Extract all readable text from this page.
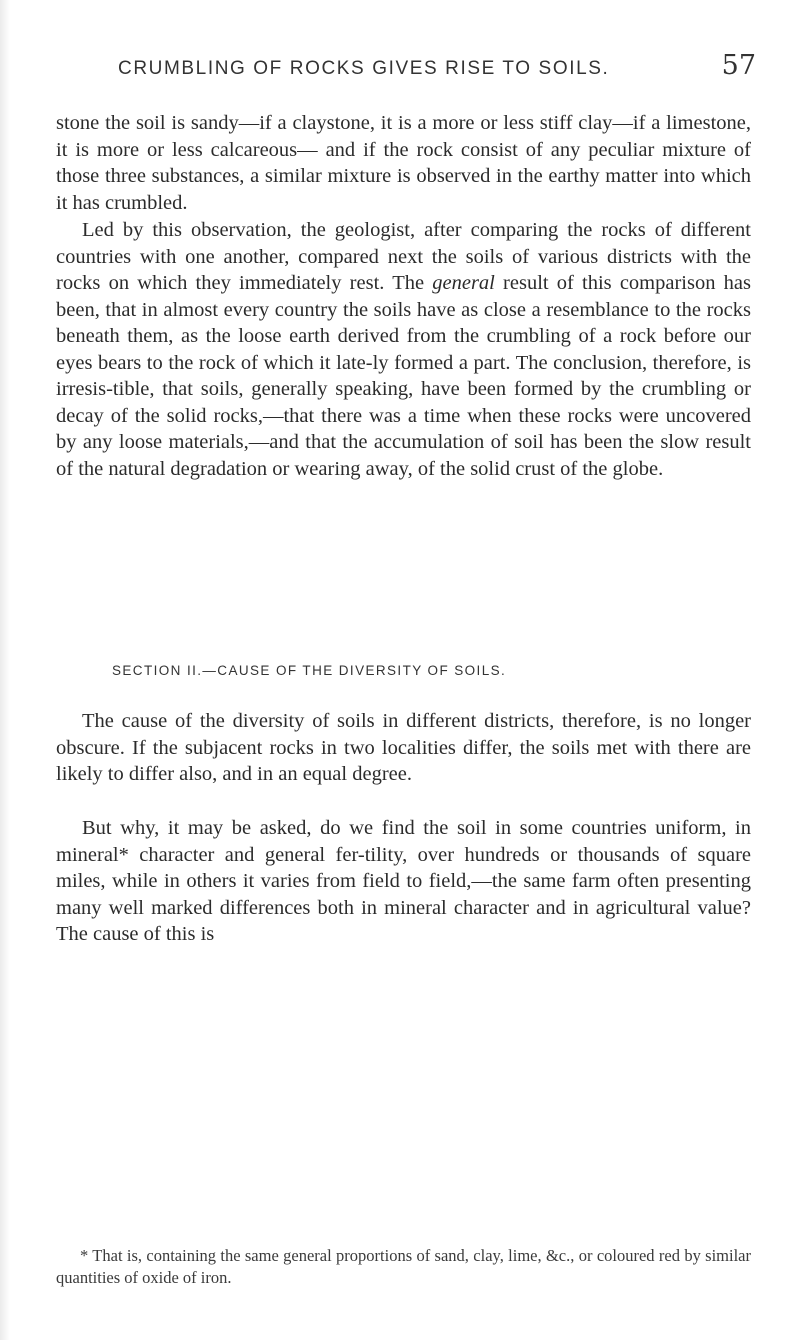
CRUMBLING OF ROCKS GIVES RISE TO SOILS.	57

stone the soil is sandy—if a claystone, it is a more or less stiff clay—if a limestone, it is more or less calcareous— and if the rock consist of any peculiar mixture of those three substances, a similar mixture is observed in the earthy matter into which it has crumbled.

Led by this observation, the geologist, after comparing the rocks of different countries with one another, compared next the soils of various districts with the rocks on which they immediately rest. The general result of this comparison has been, that in almost every country the soils have as close a resemblance to the rocks beneath them, as the loose earth derived from the crumbling of a rock before our eyes bears to the rock of which it late-ly formed a part. The conclusion, therefore, is irresis-tible, that soils, generally speaking, have been formed by the crumbling or decay of the solid rocks,—that there was a time when these rocks were uncovered by any loose materials,—and that the accumulation of soil has been the slow result of the natural degradation or wearing away, of the solid crust of the globe.

SECTION II.—CAUSE OF THE DIVERSITY OF SOILS.

The cause of the diversity of soils in different districts, therefore, is no longer obscure. If the subjacent rocks in two localities differ, the soils met with there are likely to differ also, and in an equal degree.

But why, it may be asked, do we find the soil in some countries uniform, in mineral* character and general fer-tility, over hundreds or thousands of square miles, while in others it varies from field to field,—the same farm often presenting many well marked differences both in mineral character and in agricultural value? The cause of this is

* That is, containing the same general proportions of sand, clay, lime, &c., or coloured red by similar quantities of oxide of iron.
